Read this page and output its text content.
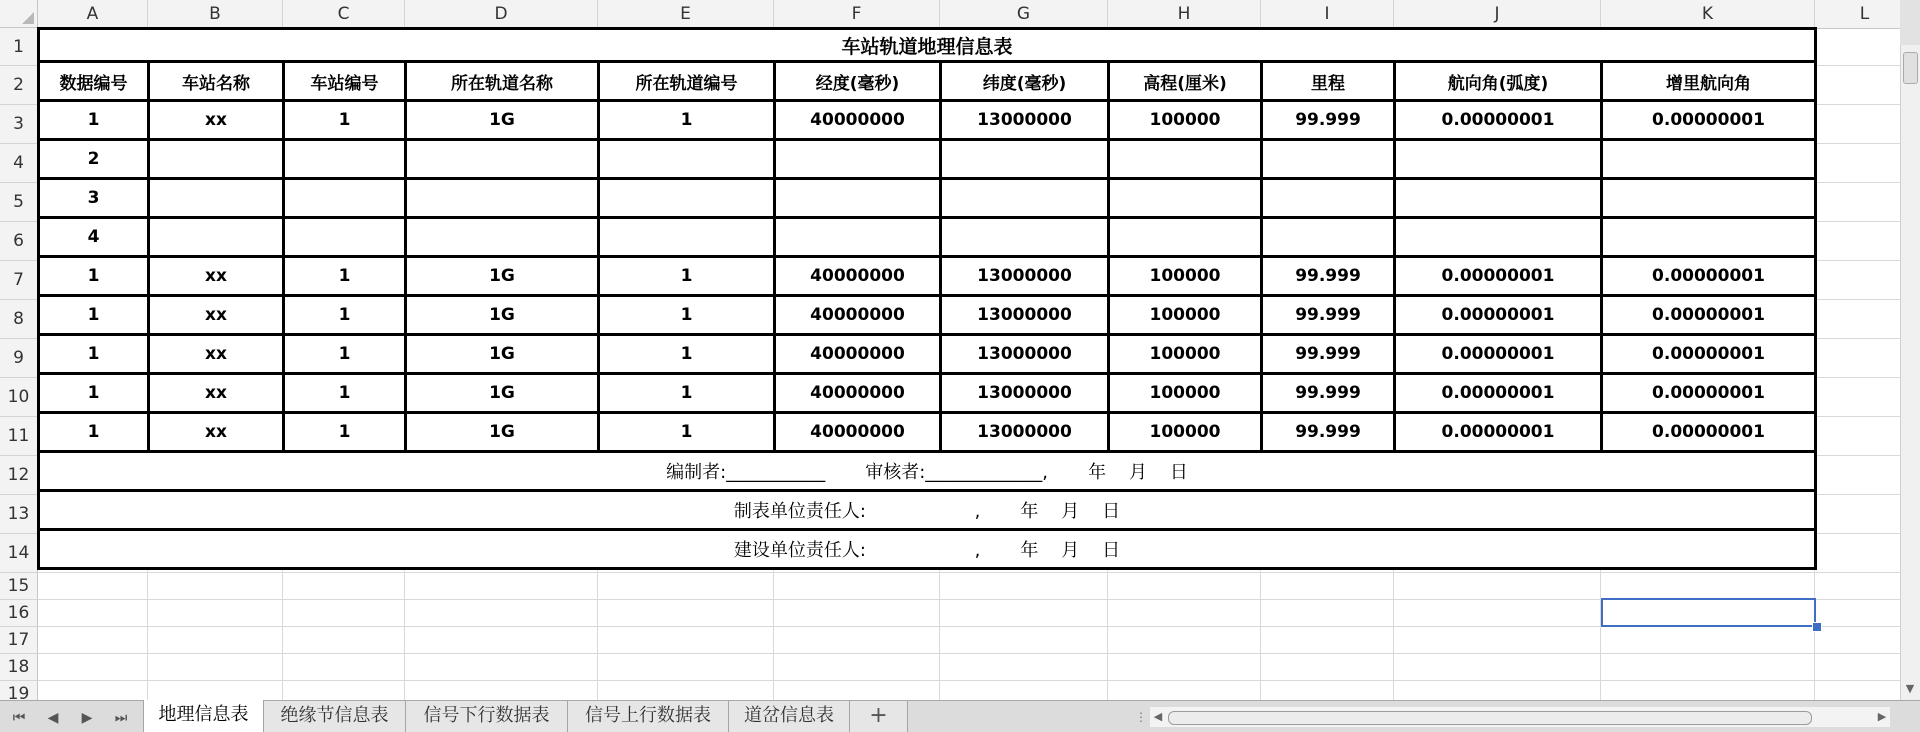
A	B	C	D	E	F	G	H	I	J	K	L
1
2
3
4
5
6
7
8
9
10
11
12
13
14
15
16
17
18
19
车站轨道地理信息表										
数据编号	车站名称	车站编号	所在轨道名称	所在轨道编号	经度(毫秒)	纬度(毫秒)	高程(厘米)	里程	航向角(弧度)	增里航向角
1	xx	1	1G	1	40000000	13000000	100000	99.999	0.00000001	0.00000001
2										
3										
4										
1	xx	1	1G	1	40000000	13000000	100000	99.999	0.00000001	0.00000001
1	xx	1	1G	1	40000000	13000000	100000	99.999	0.00000001	0.00000001
1	xx	1	1G	1	40000000	13000000	100000	99.999	0.00000001	0.00000001
1	xx	1	1G	1	40000000	13000000	100000	99.999	0.00000001	0.00000001
1	xx	1	1G	1	40000000	13000000	100000	99.999	0.00000001	0.00000001
编制者:___________       审核者:_____________,       年    月    日										
制表单位责任人:                   ,       年    月    日										
建设单位责任人:                   ,       年    月    日										
▼
⏮	◀	▶	⏭	地理信息表	绝缘节信息表	信号下行数据表	信号上行数据表	道岔信息表	+	⋮ ◀	▶
